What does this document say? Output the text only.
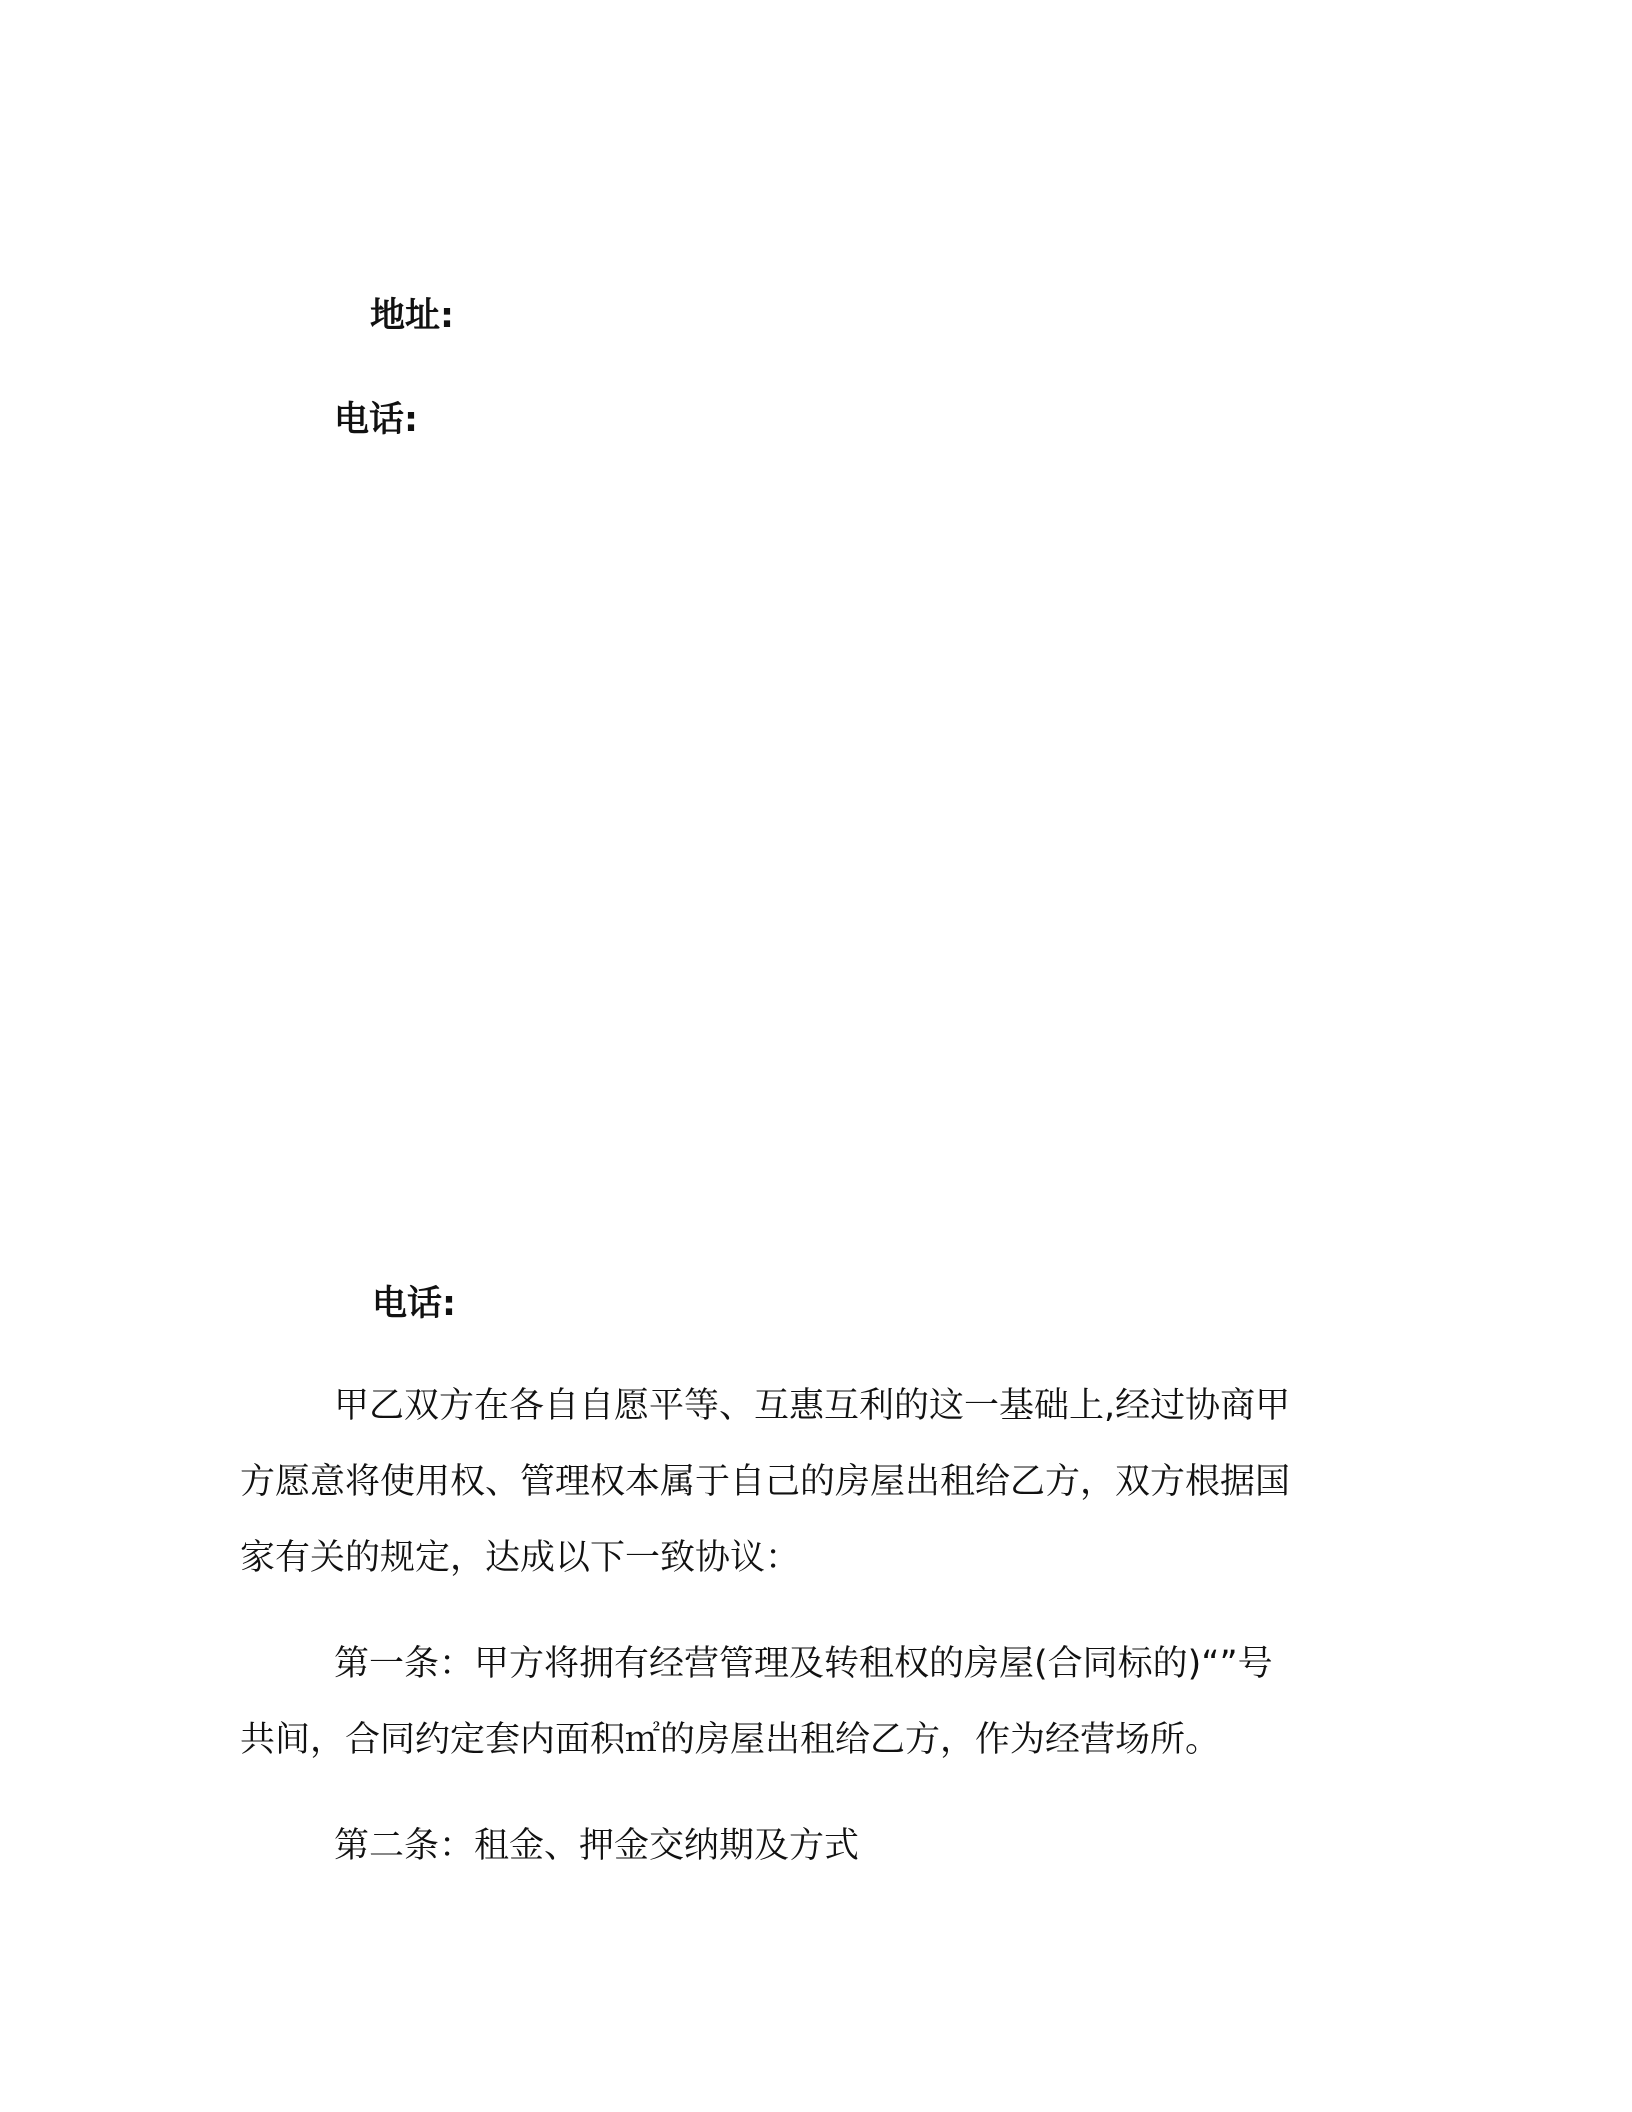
地址:

电话:

电话:

甲乙双方在各自自愿平等、互惠互利的这一基础上,经过协商甲
方愿意将使用权、管理权本属于自己的房屋出租给乙方，双方根据国
家有关的规定，达成以下一致协议：
第一条：甲方将拥有经营管理及转租权的房屋(合同标的)“”号
共间，合同约定套内面积㎡的房屋出租给乙方，作为经营场所。
第二条：租金、押金交纳期及方式
